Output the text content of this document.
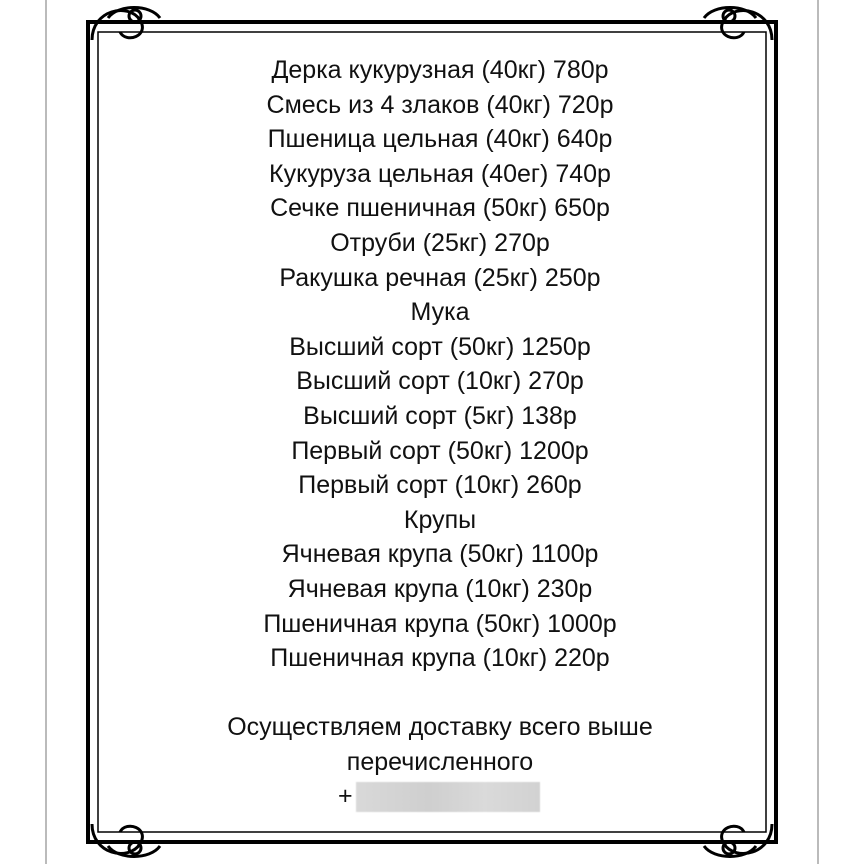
Дерка кукурузная (40кг) 780р
Смесь из 4 злаков (40кг) 720р
Пшеница цельная (40кг) 640р
Кукуруза цельная (40ег) 740р
Сечке пшеничная (50кг) 650р
Отруби (25кг) 270р
Ракушка речная (25кг) 250р
Мука
Высший сорт (50кг) 1250р
Высший сорт (10кг) 270р
Высший сорт (5кг) 138р
Первый сорт (50кг) 1200р
Первый сорт (10кг) 260р
Крупы
Ячневая крупа (50кг) 1100р
Ячневая крупа (10кг) 230р
Пшеничная крупа (50кг) 1000р
Пшеничная крупа (10кг) 220р
Осуществляем доставку всего выше
перечисленного
+
